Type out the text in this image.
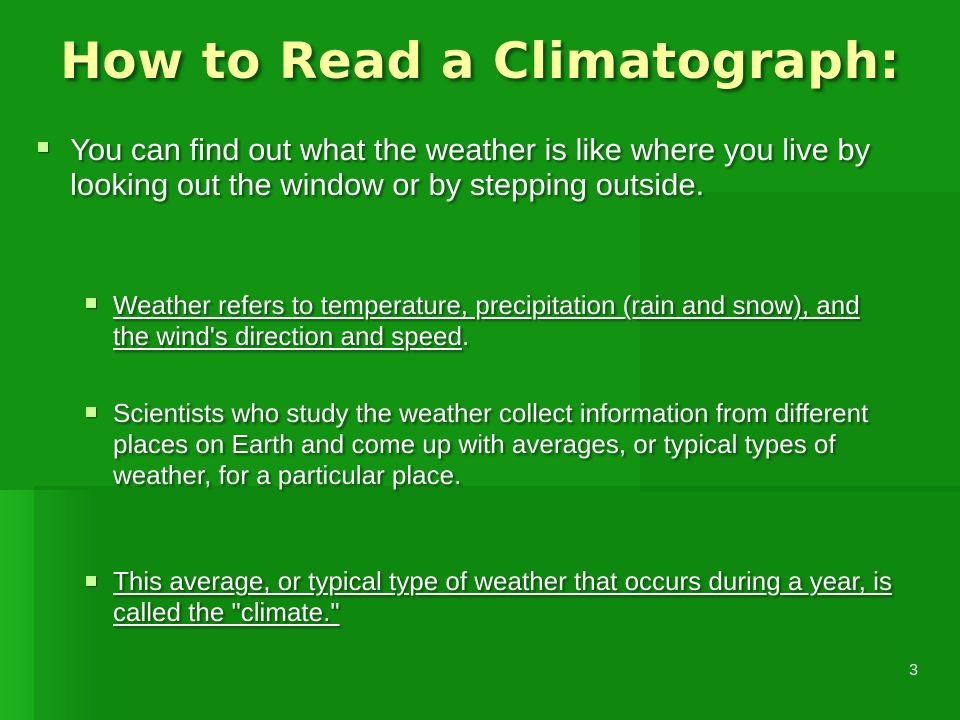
How to Read a Climatograph:
You can find out what the weather is like where you live by looking out the window or by stepping outside.
Weather refers to temperature, precipitation (rain and snow), and the wind's direction and speed.
Scientists who study the weather collect information from different places on Earth and come up with averages, or typical types of weather, for a particular place.
This average, or typical type of weather that occurs during a year, is called the "climate."
3
